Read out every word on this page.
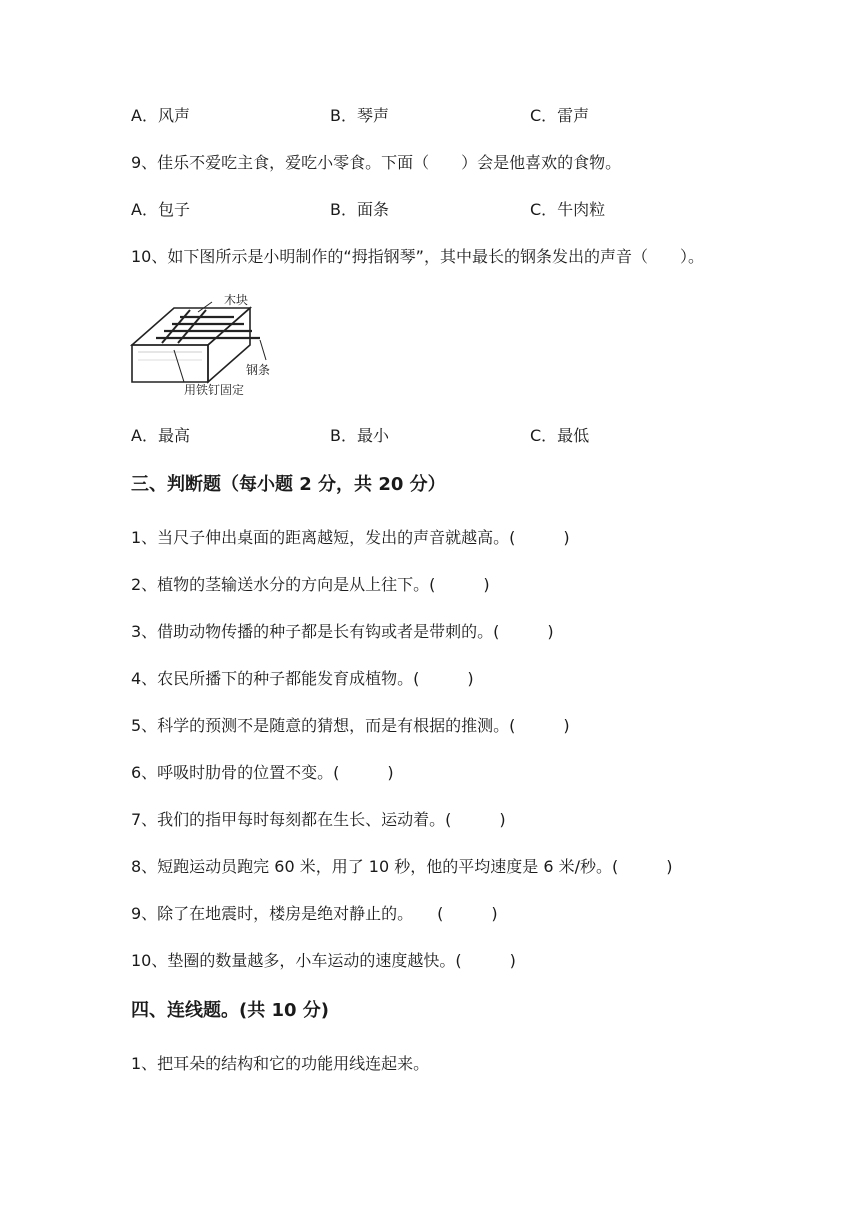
A．风声	B．琴声	C．雷声
9、佳乐不爱吃主食，爱吃小零食。下面（　　）会是他喜欢的食物。
A．包子	B．面条	C．牛肉粒
10、如下图所示是小明制作的“拇指钢琴”，其中最长的钢条发出的声音（　　）。
木块
钢条
用铁钉固定
A．最高	B．最小	C．最低
三、判断题（每小题 2 分，共 20 分）
1、当尺子伸出桌面的距离越短，发出的声音就越高。(　　　)
2、植物的茎输送水分的方向是从上往下。(　　　)
3、借助动物传播的种子都是长有钩或者是带刺的。(　　　)
4、农民所播下的种子都能发育成植物。(　　　)
5、科学的预测不是随意的猜想，而是有根据的推测。(　　　)
6、呼吸时肋骨的位置不变。(　　　)
7、我们的指甲每时每刻都在生长、运动着。(　　　)
8、短跑运动员跑完 60 米，用了 10 秒，他的平均速度是 6 米/秒。(　　　)
9、除了在地震时，楼房是绝对静止的。　　(　　　)
10、垫圈的数量越多，小车运动的速度越快。(　　　)
四、连线题。(共 10 分)
1、把耳朵的结构和它的功能用线连起来。
